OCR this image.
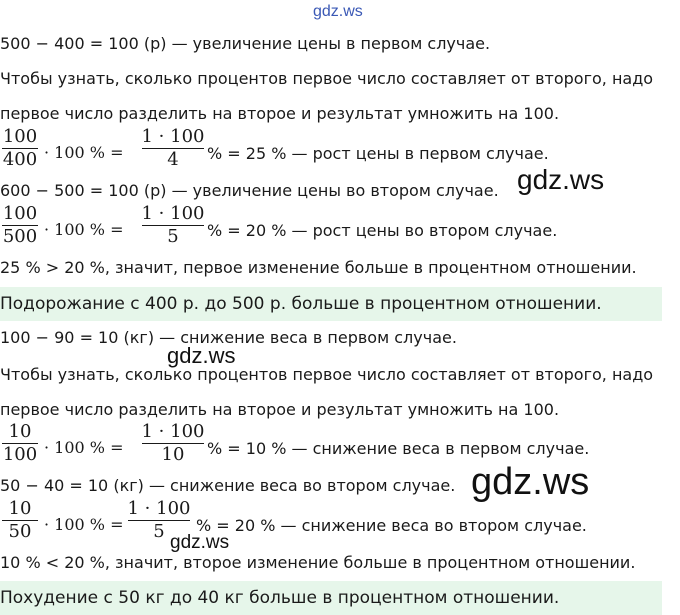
gdz.ws
gdz.ws
gdz.ws
gdz.ws
gdz.ws
500 − 400 = 100 (р) — увеличение цены в первом случае.
Чтобы узнать, сколько процентов первое число составляет от второго, надо
первое число разделить на второе и результат умножить на 100.
100
400 · 100 % =
1 · 100
4	% = 25 % — рост цены в первом случае.
600 − 500 = 100 (р) — увеличение цены во втором случае.
100
500 · 100 % =
1 · 100
5	% = 20 % — рост цены во втором случае.
25 % > 20 %, значит, первое изменение больше в процентном отношении.
Подорожание с 400 р. до 500 р. больше в процентном отношении.
100 − 90 = 10 (кг) — снижение веса в первом случае.
Чтобы узнать, сколько процентов первое число составляет от второго, надо
первое число разделить на второе и результат умножить на 100.
10
100 · 100 % =
1 · 100
10	% = 10 % — снижение веса в первом случае.
50 − 40 = 10 (кг) — снижение веса во втором случае.
10
50 · 100 % =
1 · 100
5	% = 20 % — снижение веса во втором случае.
10 % < 20 %, значит, второе изменение больше в процентном отношении.
Похудение с 50 кг до 40 кг больше в процентном отношении.
